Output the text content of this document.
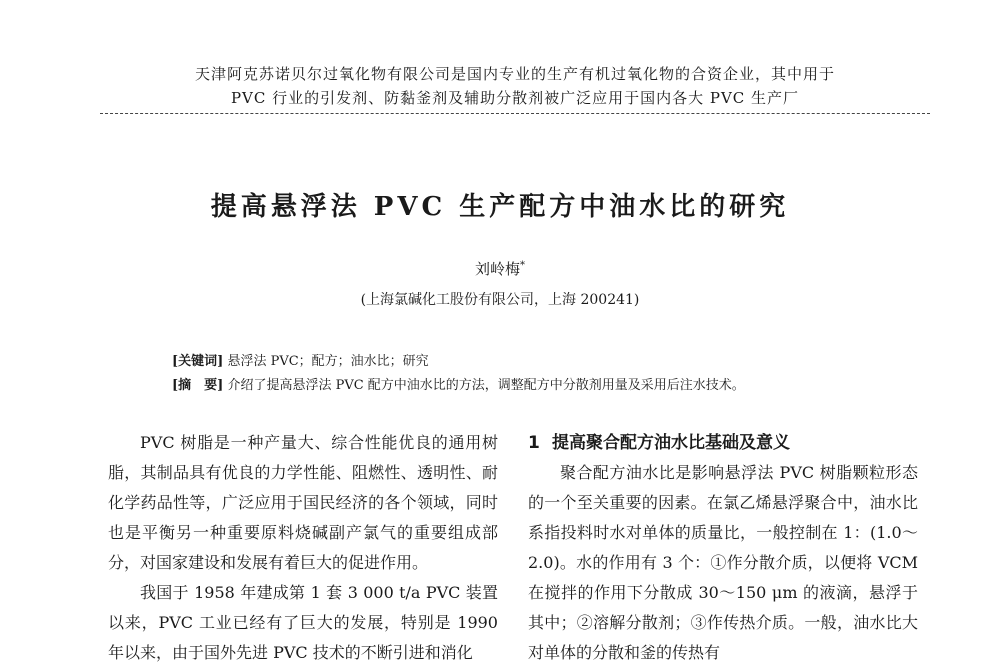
天津阿克苏诺贝尔过氧化物有限公司是国内专业的生产有机过氧化物的合资企业，其中用于
PVC 行业的引发剂、防黏釜剂及辅助分散剂被广泛应用于国内各大 PVC 生产厂
提高悬浮法 PVC 生产配方中油水比的研究
刘岭梅*
(上海氯碱化工股份有限公司，上海 200241)
[关键词] 悬浮法 PVC；配方；油水比；研究
[摘　要] 介绍了提高悬浮法 PVC 配方中油水比的方法，调整配方中分散剂用量及采用后注水技术。

PVC 树脂是一种产量大、综合性能优良的通用树脂，其制品具有优良的力学性能、阻燃性、透明性、耐化学药品性等，广泛应用于国民经济的各个领域，同时也是平衡另一种重要原料烧碱副产氯气的重要组成部分，对国家建设和发展有着巨大的促进作用。

我国于 1958 年建成第 1 套 3 000 t/a PVC 装置以来，PVC 工业已经有了巨大的发展，特别是 1990 年以来，由于国外先进 PVC 技术的不断引进和消化

1 提高聚合配方油水比基础及意义

聚合配方油水比是影响悬浮法 PVC 树脂颗粒形态的一个至关重要的因素。在氯乙烯悬浮聚合中，油水比系指投料时水对单体的质量比，一般控制在 1：(1.0～2.0)。水的作用有 3 个：①作分散介质，以便将 VCM 在搅拌的作用下分散成 30～150 μm 的液滴，悬浮于其中；②溶解分散剂；③作传热介质。一般，油水比大对单体的分散和釜的传热有
